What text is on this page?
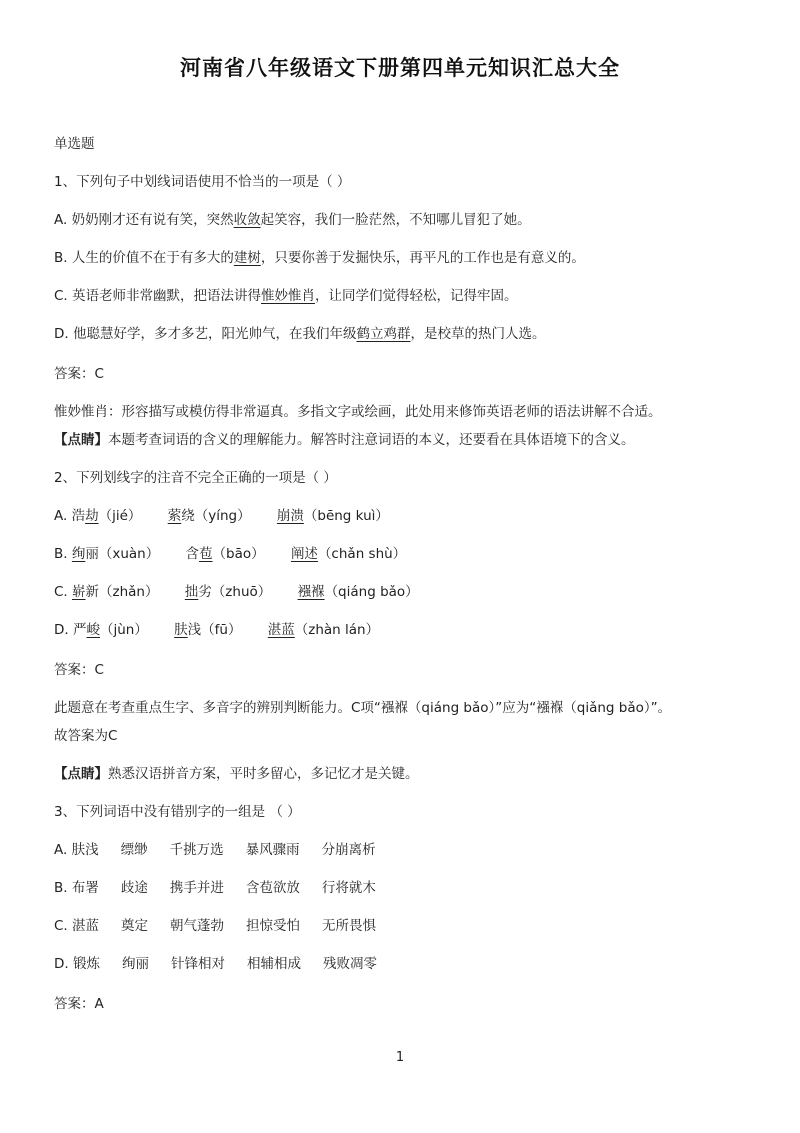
河南省八年级语文下册第四单元知识汇总大全
单选题
1、下列句子中划线词语使用不恰当的一项是（ ）
A. 奶奶刚才还有说有笑，突然收敛起笑容，我们一脸茫然，不知哪儿冒犯了她。
B. 人生的价值不在于有多大的建树，只要你善于发掘快乐，再平凡的工作也是有意义的。
C. 英语老师非常幽默，把语法讲得惟妙惟肖，让同学们觉得轻松，记得牢固。
D. 他聪慧好学，多才多艺，阳光帅气，在我们年级鹤立鸡群，是校草的热门人选。
答案：C
惟妙惟肖：形容描写或模仿得非常逼真。多指文字或绘画，此处用来修饰英语老师的语法讲解不合适。
【点睛】本题考查词语的含义的理解能力。解答时注意词语的本义，还要看在具体语境下的含义。
2、下列划线字的注音不完全正确的一项是（ ）
A. 浩劫（jié） 萦绕（yíng） 崩溃（bēng kuì）
B. 绚丽（xuàn） 含苞（bāo） 阐述（chǎn shù）
C. 崭新（zhǎn） 拙劣（zhuō） 襁褓（qiáng bǎo）
D. 严峻（jùn） 肤浅（fū） 湛蓝（zhàn lán）
答案：C
此题意在考查重点生字、多音字的辨别判断能力。C项“襁褓（qiáng bǎo）”应为“襁褓（qiǎng bǎo）”。
故答案为C
【点睛】熟悉汉语拼音方案，平时多留心，多记忆才是关键。
3、下列词语中没有错别字的一组是 （ ）
A. 肤浅 缥缈 千挑万选 暴风骤雨 分崩离析
B. 布署 歧途 携手并进 含苞欲放 行将就木
C. 湛蓝 奠定 朝气蓬勃 担惊受怕 无所畏惧
D. 锻炼 绚丽 针锋相对 相辅相成 残败凋零
答案：A
1
